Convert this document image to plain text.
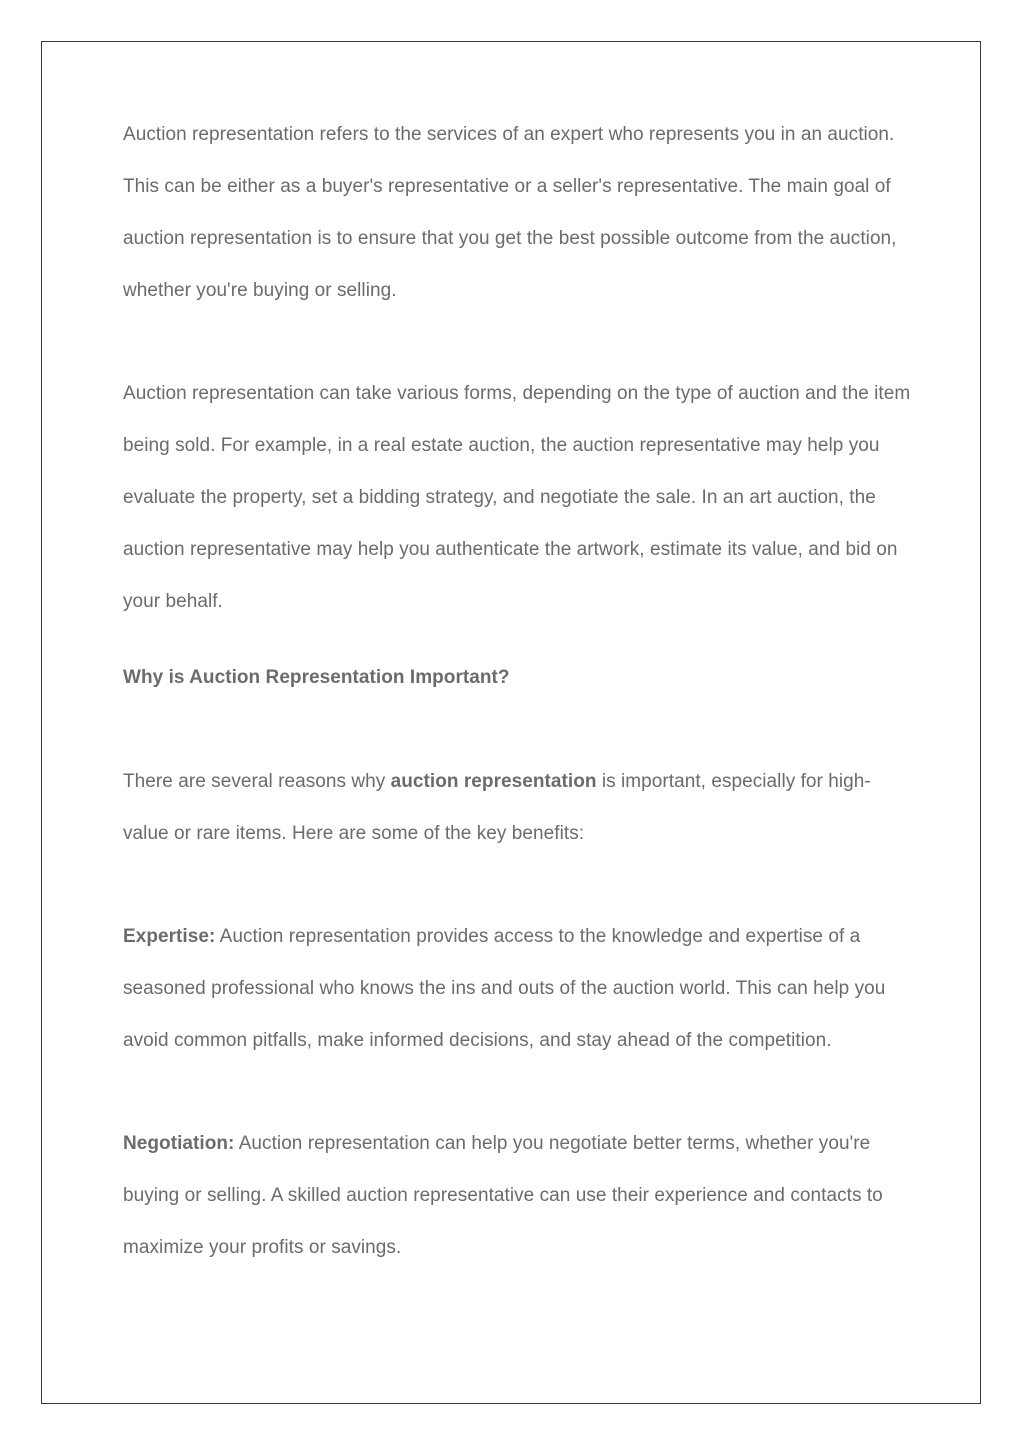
Auction representation refers to the services of an expert who represents you in an auction. This can be either as a buyer's representative or a seller's representative. The main goal of auction representation is to ensure that you get the best possible outcome from the auction, whether you're buying or selling.

Auction representation can take various forms, depending on the type of auction and the item being sold. For example, in a real estate auction, the auction representative may help you evaluate the property, set a bidding strategy, and negotiate the sale. In an art auction, the auction representative may help you authenticate the artwork, estimate its value, and bid on your behalf.

Why is Auction Representation Important?

There are several reasons why auction representation is important, especially for high-value or rare items. Here are some of the key benefits:

Expertise: Auction representation provides access to the knowledge and expertise of a seasoned professional who knows the ins and outs of the auction world. This can help you avoid common pitfalls, make informed decisions, and stay ahead of the competition.

Negotiation: Auction representation can help you negotiate better terms, whether you're buying or selling. A skilled auction representative can use their experience and contacts to maximize your profits or savings.
